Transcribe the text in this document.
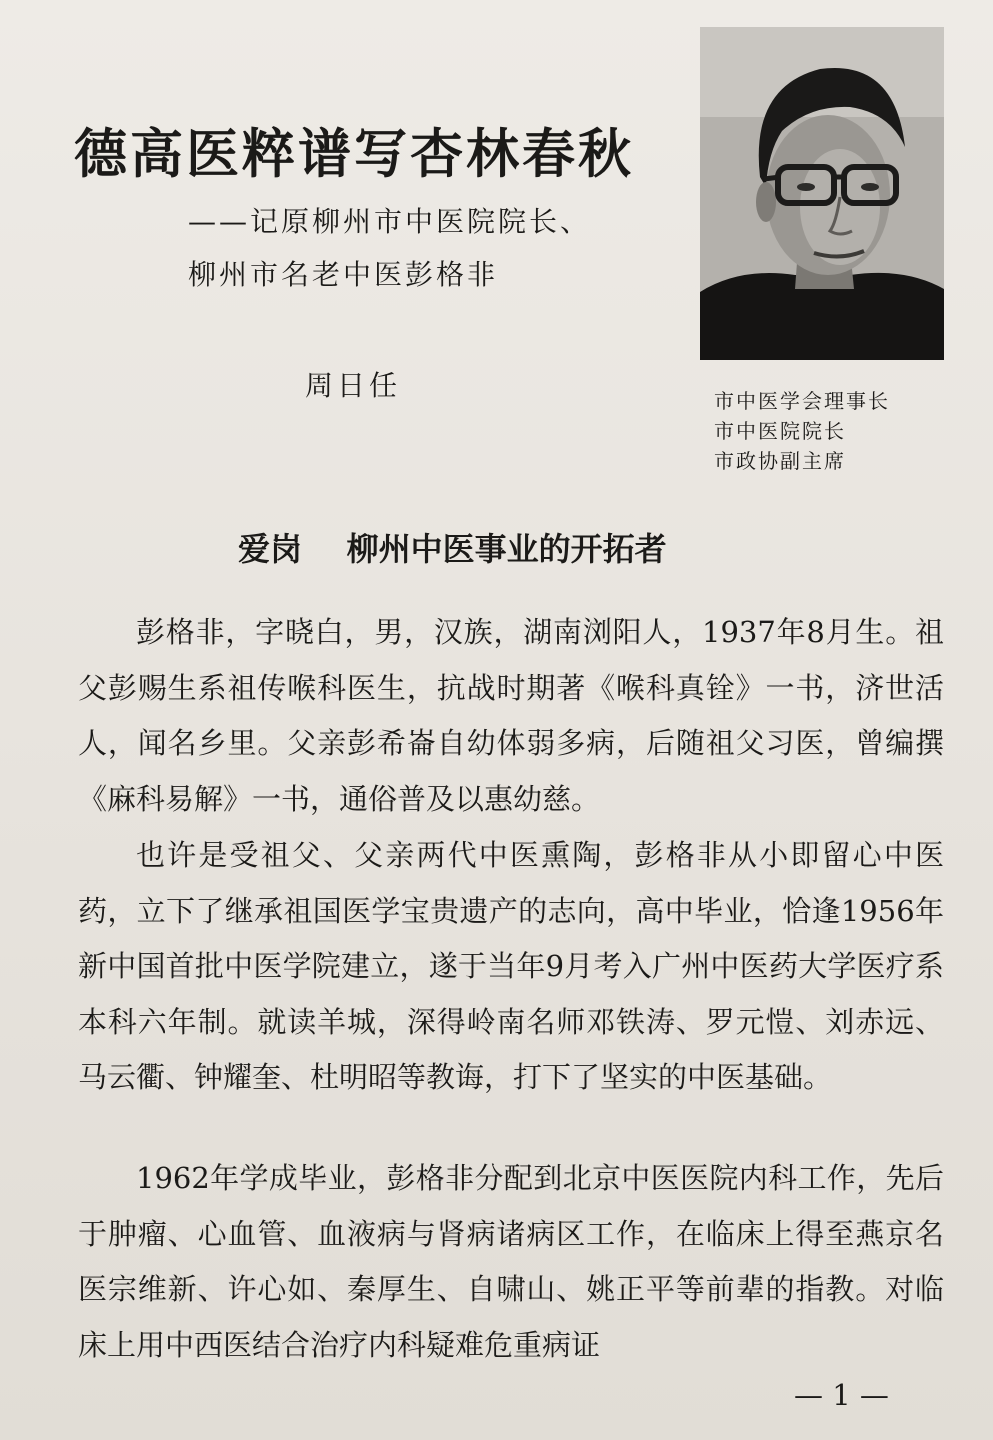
德高医粹谱写杏林春秋
——记原柳州市中医院院长、
柳州市名老中医彭格非
周日任	市中医学会理事长
市中医院院长
市政协副主席
爱岗    柳州中医事业的开拓者

彭格非，字晓白，男，汉族，湖南浏阳人，1937年8月生。祖父彭赐生系祖传喉科医生，抗战时期著《喉科真铨》一书，济世活人，闻名乡里。父亲彭希崙自幼体弱多病，后随祖父习医，曾编撰《麻科易解》一书，通俗普及以惠幼慈。

也许是受祖父、父亲两代中医熏陶，彭格非从小即留心中医药，立下了继承祖国医学宝贵遗产的志向，高中毕业，恰逢1956年新中国首批中医学院建立，遂于当年9月考入广州中医药大学医疗系本科六年制。就读羊城，深得岭南名师邓铁涛、罗元愷、刘赤远、马云衢、钟耀奎、杜明昭等教诲，打下了坚实的中医基础。

1962年学成毕业，彭格非分配到北京中医医院内科工作，先后于肿瘤、心血管、血液病与肾病诸病区工作，在临床上得至燕京名医宗维新、许心如、秦厚生、自啸山、姚正平等前辈的指教。对临床上用中西医结合治疗内科疑难危重病证

— 1 —
